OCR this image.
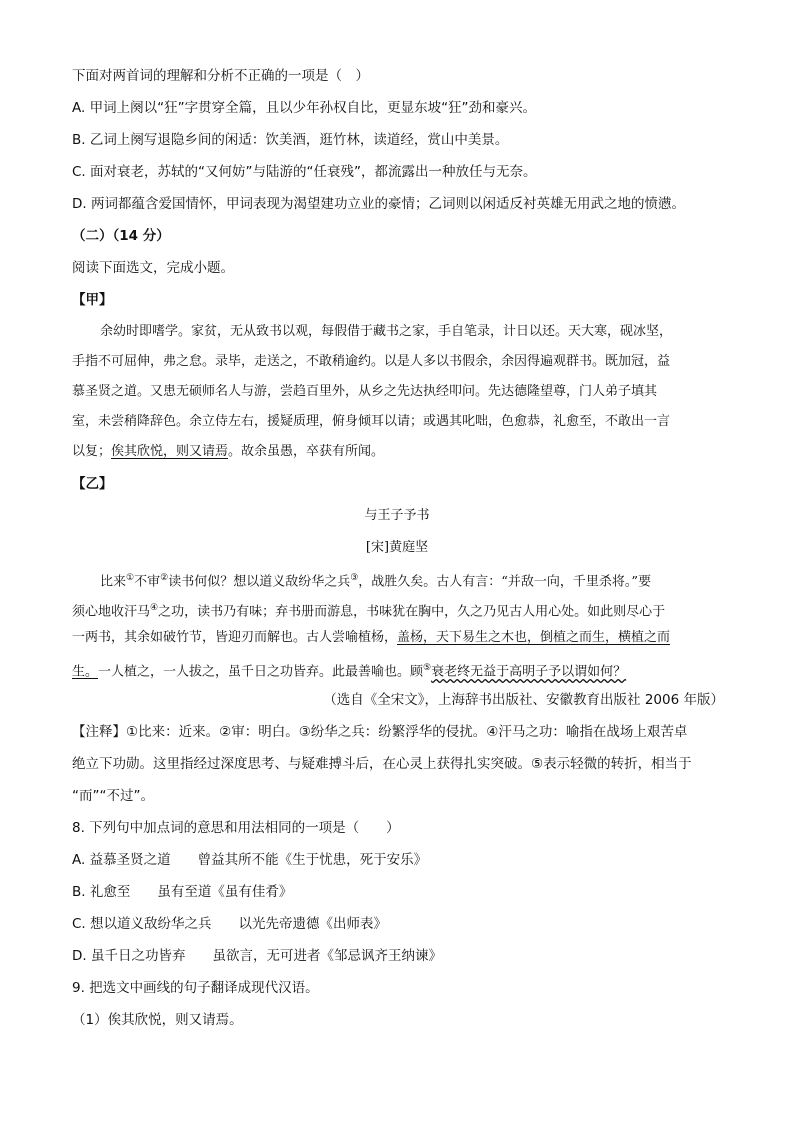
下面对两首词的理解和分析不正确的一项是（　）
A. 甲词上阕以“狂”字贯穿全篇，且以少年孙权自比，更显东坡“狂”劲和豪兴。
B. 乙词上阕写退隐乡间的闲适：饮美酒，逛竹林，读道经，赏山中美景。
C. 面对衰老，苏轼的“又何妨”与陆游的“任衰残”，都流露出一种放任与无奈。
D. 两词都蕴含爱国情怀，甲词表现为渴望建功立业的豪情；乙词则以闲适反衬英雄无用武之地的愤懑。
（二）（14 分）
阅读下面选文，完成小题。
【甲】
余幼时即嗜学。家贫，无从致书以观，每假借于藏书之家，手自笔录，计日以还。天大寒，砚冰坚，
手指不可屈伸，弗之怠。录毕，走送之，不敢稍逾约。以是人多以书假余，余因得遍观群书。既加冠，益
慕圣贤之道。又患无硕师名人与游，尝趋百里外，从乡之先达执经叩问。先达德隆望尊，门人弟子填其
室，未尝稍降辞色。余立侍左右，援疑质理，俯身倾耳以请；或遇其叱咄，色愈恭，礼愈至，不敢出一言
以复；俟其欣悦，则又请焉。故余虽愚，卒获有所闻。
【乙】
与王子予书
[宋]黄庭坚
比来①不审②读书何似？想以道义敌纷华之兵③，战胜久矣。古人有言：“并敌一向，千里杀将。”要
须心地收汗马④之功，读书乃有味；弃书册而游息，书味犹在胸中，久之乃见古人用心处。如此则尽心于
一两书，其余如破竹节，皆迎刃而解也。古人尝喻植杨，盖杨，天下易生之木也，倒植之而生，横植之而
生。一人植之，一人拔之，虽千日之功皆弃。此最善喻也。顾⑤衰老终无益于高明子予以谓如何？
（选自《全宋文》，上海辞书出版社、安徽教育出版社 2006 年版）
【注释】①比来：近来。②审：明白。③纷华之兵：纷繁浮华的侵扰。④汗马之功：喻指在战场上艰苦卓
绝立下功勋。这里指经过深度思考、与疑难搏斗后，在心灵上获得扎实突破。⑤表示轻微的转折，相当于
“而”“不过”。
8. 下列句中加点词的意思和用法相同的一项是（　　）
A. 益慕圣贤之道　　曾益其所不能《生于忧患，死于安乐》
B. 礼愈至　　虽有至道《虽有佳肴》
C. 想以道义敌纷华之兵　　以光先帝遗德《出师表》
D. 虽千日之功皆弃　　虽欲言，无可进者《邹忌讽齐王纳谏》
9. 把选文中画线的句子翻译成现代汉语。
（1）俟其欣悦，则又请焉。
